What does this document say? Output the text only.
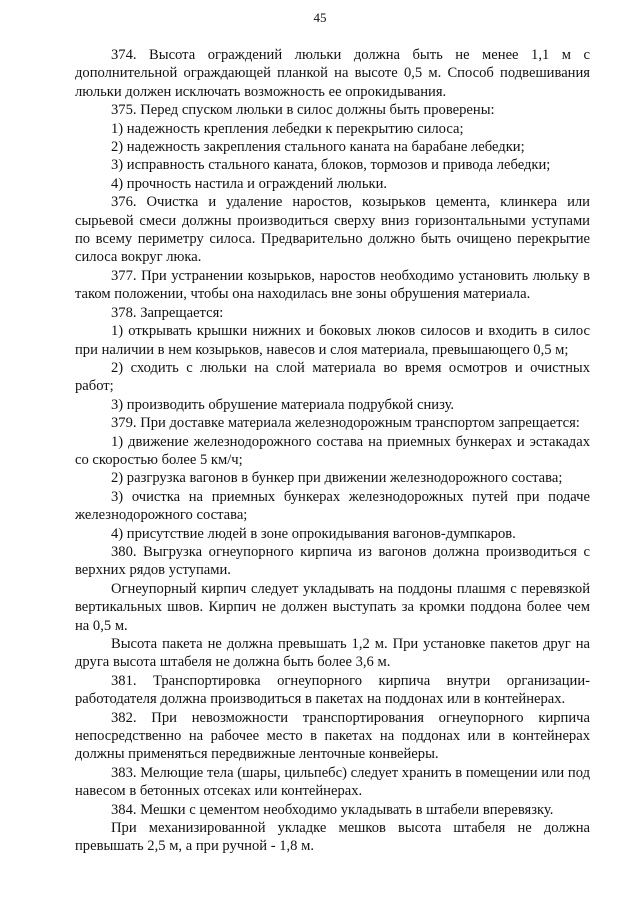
45

374. Высота ограждений люльки должна быть не менее 1,1 м с дополнительной ограждающей планкой на высоте 0,5 м. Способ подвешивания люльки должен исключать возможность ее опрокидывания.

375. Перед спуском люльки в силос должны быть проверены:

1) надежность крепления лебедки к перекрытию силоса;

2) надежность закрепления стального каната на барабане лебедки;

3) исправность стального каната, блоков, тормозов и привода лебедки;

4) прочность настила и ограждений люльки.

376. Очистка и удаление наростов, козырьков цемента, клинкера или сырьевой смеси должны производиться сверху вниз горизонтальными уступами по всему периметру силоса. Предварительно должно быть очищено перекрытие силоса вокруг люка.

377. При устранении козырьков, наростов необходимо установить люльку в таком положении, чтобы она находилась вне зоны обрушения материала.

378. Запрещается:

1) открывать крышки нижних и боковых люков силосов и входить в силос при наличии в нем козырьков, навесов и слоя материала, превышающего 0,5 м;

2) сходить с люльки на слой материала во время осмотров и очистных работ;

3) производить обрушение материала подрубкой снизу.

379. При доставке материала железнодорожным транспортом запрещается:

1) движение железнодорожного состава на приемных бункерах и эстакадах со скоростью более 5 км/ч;

2) разгрузка вагонов в бункер при движении железнодорожного состава;

3) очистка на приемных бункерах железнодорожных путей при подаче железнодорожного состава;

4) присутствие людей в зоне опрокидывания вагонов-думпкаров.

380. Выгрузка огнеупорного кирпича из вагонов должна производиться с верхних рядов уступами.

Огнеупорный кирпич следует укладывать на поддоны плашмя с перевязкой вертикальных швов. Кирпич не должен выступать за кромки поддона более чем на 0,5 м.

Высота пакета не должна превышать 1,2 м. При установке пакетов друг на друга высота штабеля не должна быть более 3,6 м.

381. Транспортировка огнеупорного кирпича внутри организации-работодателя должна производиться в пакетах на поддонах или в контейнерах.

382. При невозможности транспортирования огнеупорного кирпича непосредственно на рабочее место в пакетах на поддонах или в контейнерах должны применяться передвижные ленточные конвейеры.

383. Мелющие тела (шары, цильпебс) следует хранить в помещении или под навесом в бетонных отсеках или контейнерах.

384. Мешки с цементом необходимо укладывать в штабели вперевязку.

При механизированной укладке мешков высота штабеля не должна превышать 2,5 м, а при ручной - 1,8 м.
